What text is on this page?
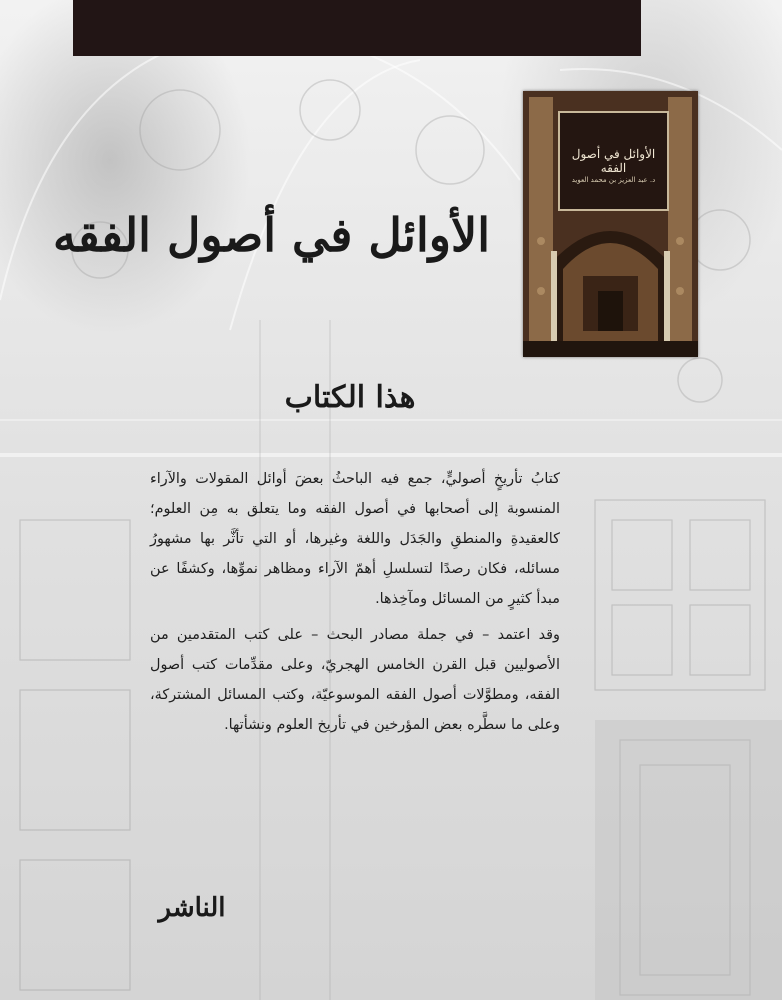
الأوائل في أصول الفقه
د. عبد العزيز بن محمد العويد
الأوائل في أصول الفقه
هذا الكتاب

كتابُ تأريخٍ أصوليٍّ، جمع فيه الباحثُ بعضَ أوائل المقولات والآراء المنسوبة إلى أصحابها في أصول الفقه وما يتعلق به مِن العلوم؛ كالعقيدةِ والمنطقِ والجَدَل واللغة وغيرها، أو التي تأثَّر بها مشهورُ مسائله، فكان رصدًا لتسلسلِ أهمّ الآراء ومظاهر نموِّها، وكشفًا عن مبدأ كثيرٍ من المسائل ومآخِذها.

وقد اعتمد – في جملة مصادر البحث – على كتب المتقدمين من الأصوليين قبل القرن الخامس الهجريّ، وعلى مقدِّمات كتب أصول الفقه، ومطوَّلات أصول الفقه الموسوعيّة، وكتب المسائل المشتركة، وعلى ما سطَّره بعض المؤرخين في تأريخ العلوم ونشأتها.

الناشر
